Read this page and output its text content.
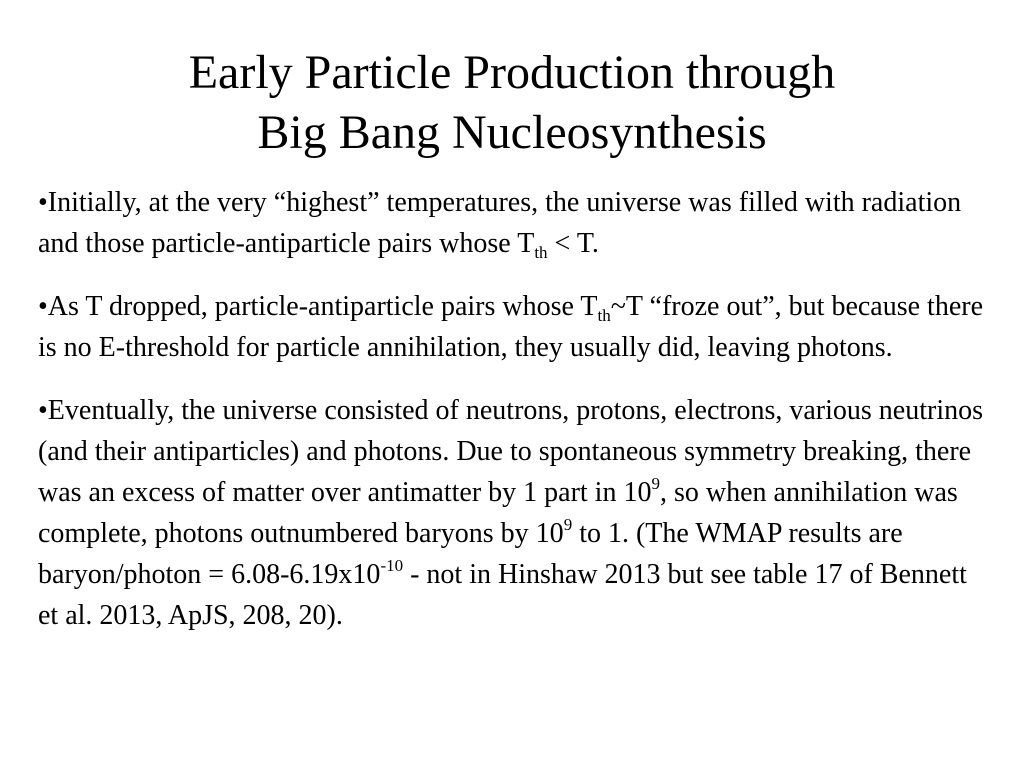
Early Particle Production through
Big Bang Nucleosynthesis

•Initially, at the very “highest” temperatures, the universe was filled with radiation and those particle-antiparticle pairs whose $T_{th} < T$.

•As T dropped, particle-antiparticle pairs whose $T_{th}\sim T$ “froze out”, but because there is no E-threshold for particle annihilation, they usually did, leaving photons.

•Eventually, the universe consisted of neutrons, protons, electrons, various neutrinos (and their antiparticles) and photons. Due to spontaneous symmetry breaking, there was an excess of matter over antimatter by 1 part in $10^9$, so when annihilation was complete, photons outnumbered baryons by $10^9$ to 1. (The WMAP results are baryon/photon = $6.08-6.19x10^{-10}$ - not in Hinshaw 2013 but see table 17 of Bennett et al. 2013, ApJS, 208, 20).
